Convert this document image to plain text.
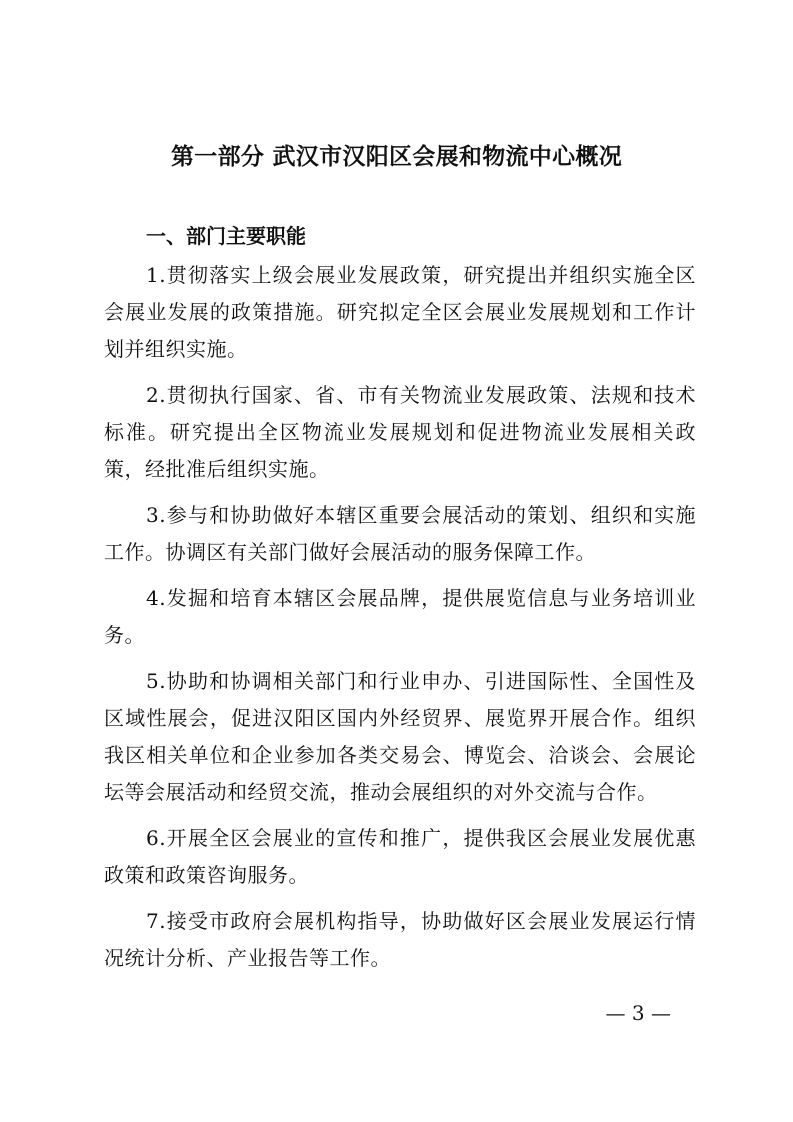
第一部分 武汉市汉阳区会展和物流中心概况
一、部门主要职能

1.贯彻落实上级会展业发展政策，研究提出并组织实施全区会展业发展的政策措施。研究拟定全区会展业发展规划和工作计划并组织实施。

2.贯彻执行国家、省、市有关物流业发展政策、法规和技术标准。研究提出全区物流业发展规划和促进物流业发展相关政策，经批准后组织实施。

3.参与和协助做好本辖区重要会展活动的策划、组织和实施工作。协调区有关部门做好会展活动的服务保障工作。

4.发掘和培育本辖区会展品牌，提供展览信息与业务培训业务。

5.协助和协调相关部门和行业申办、引进国际性、全国性及区域性展会，促进汉阳区国内外经贸界、展览界开展合作。组织我区相关单位和企业参加各类交易会、博览会、洽谈会、会展论坛等会展活动和经贸交流，推动会展组织的对外交流与合作。

6.开展全区会展业的宣传和推广，提供我区会展业发展优惠政策和政策咨询服务。

7.接受市政府会展机构指导，协助做好区会展业发展运行情况统计分析、产业报告等工作。

— 3 —
